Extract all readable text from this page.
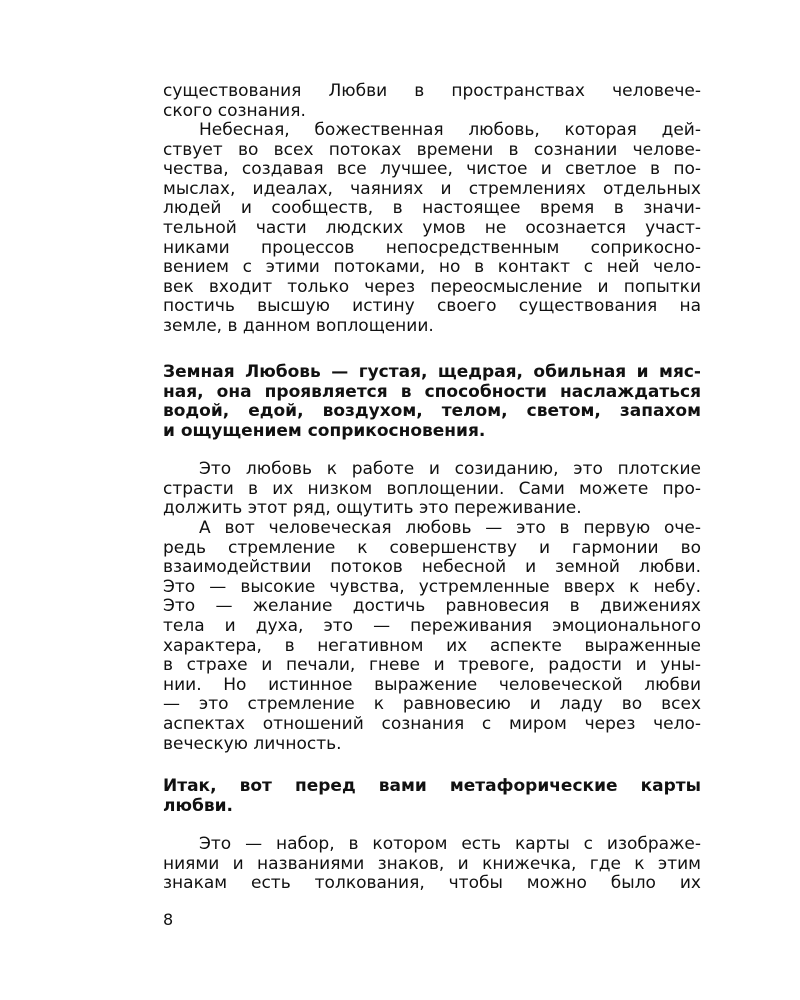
существования Любви в пространствах человече-
ского сознания.
Небесная, божественная любовь, которая дей-
ствует во всех потоках времени в сознании челове-
чества, создавая все лучшее, чистое и светлое в по-
мыслах, идеалах, чаяниях и стремлениях отдельных
людей и сообществ, в настоящее время в значи-
тельной части людских умов не осознается участ-
никами процессов непосредственным соприкосно-
вением с этими потоками, но в контакт с ней чело-
век входит только через переосмысление и попытки
постичь высшую истину своего существования на
земле, в данном воплощении.
Земная Любовь — густая, щедрая, обильная и мяс-
ная, она проявляется в способности наслаждаться
водой, едой, воздухом, телом, светом, запахом
и ощущением соприкосновения.
Это любовь к работе и созиданию, это плотские
страсти в их низком воплощении. Сами можете про-
должить этот ряд, ощутить это переживание.
А вот человеческая любовь — это в первую оче-
редь стремление к совершенству и гармонии во
взаимодействии потоков небесной и земной любви.
Это — высокие чувства, устремленные вверх к небу.
Это — желание достичь равновесия в движениях
тела и духа, это — переживания эмоционального
характера, в негативном их аспекте выраженные
в страхе и печали, гневе и тревоге, радости и уны-
нии. Но истинное выражение человеческой любви
— это стремление к равновесию и ладу во всех
аспектах отношений сознания с миром через чело-
веческую личность.
Итак, вот перед вами метафорические карты
любви.
Это — набор, в котором есть карты с изображе-
ниями и названиями знаков, и книжечка, где к этим
знакам есть толкования, чтобы можно было их
8
